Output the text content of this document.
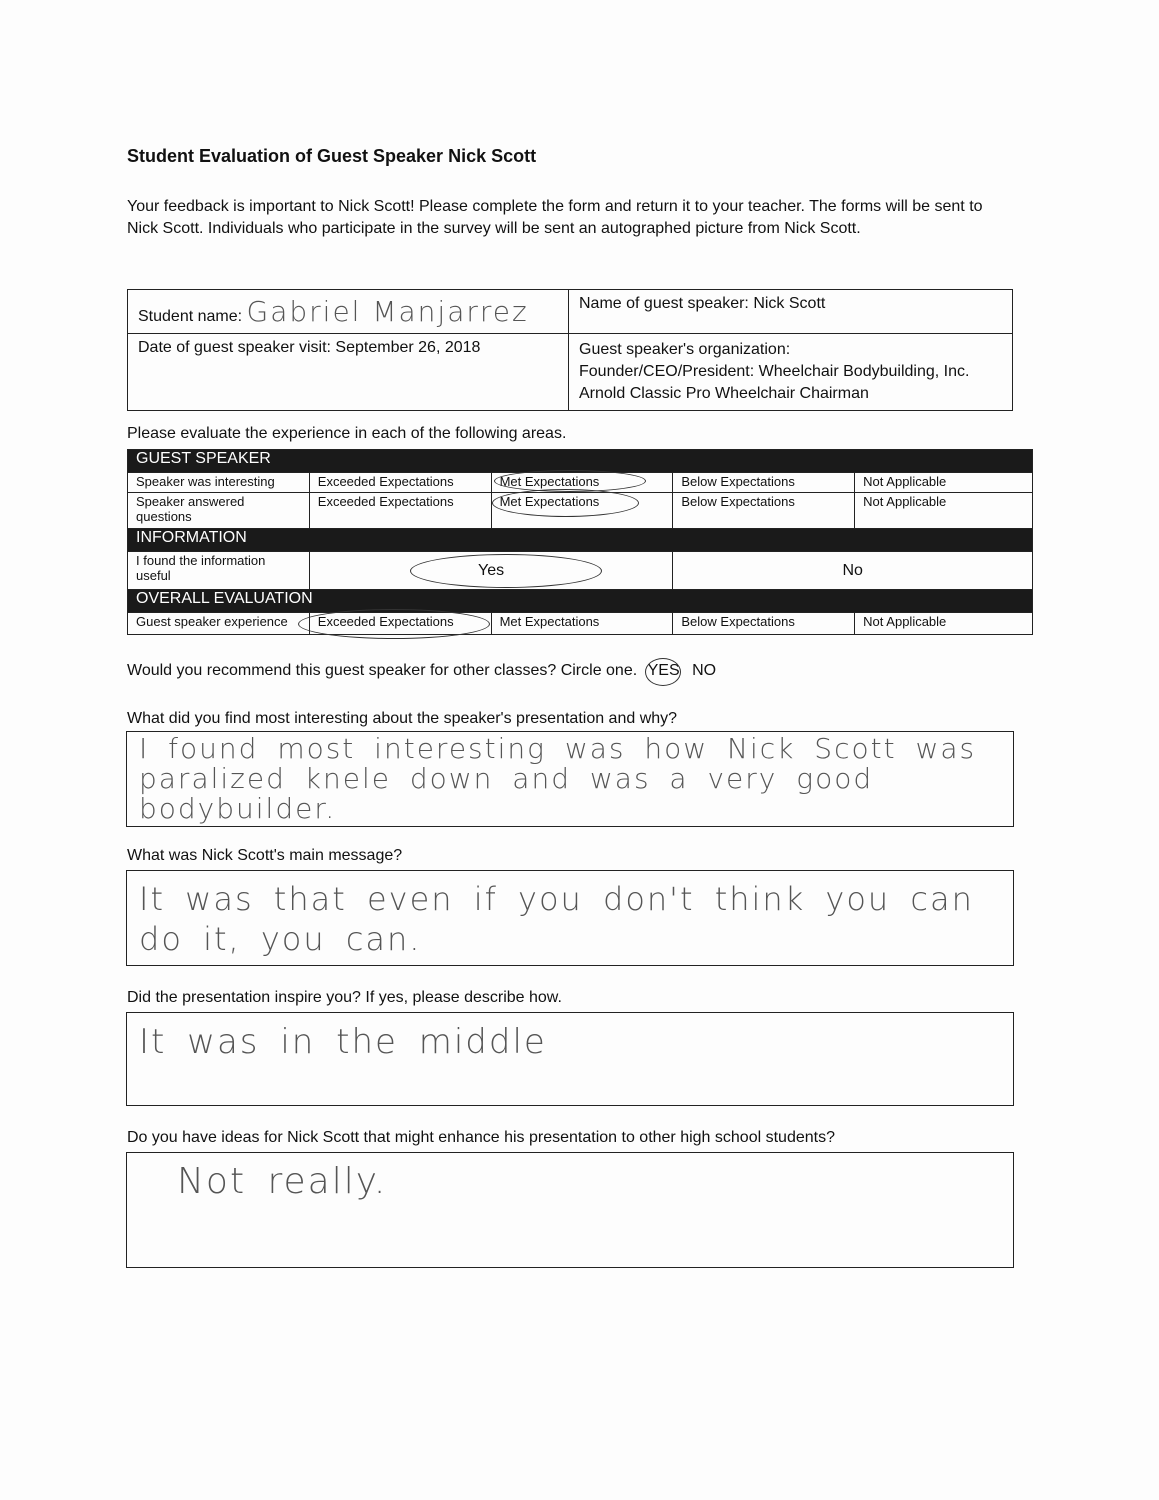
Student Evaluation of Guest Speaker Nick Scott
Your feedback is important to Nick Scott! Please complete the form and return it to your teacher. The forms will be sent to Nick Scott. Individuals who participate in the survey will be sent an autographed picture from Nick Scott.
Student name: Gabriel Manjarrez	Name of guest speaker: Nick Scott
Date of guest speaker visit: September 26, 2018	Guest speaker's organization:
Founder/CEO/President: Wheelchair Bodybuilding, Inc.
Arnold Classic Pro Wheelchair Chairman
Please evaluate the experience in each of the following areas.
GUEST SPEAKER				
Speaker was interesting	Exceeded Expectations	Met Expectations	Below Expectations	Not Applicable
Speaker answered questions	Exceeded Expectations	Met Expectations	Below Expectations	Not Applicable
INFORMATION				
I found the information useful	Yes		No	
OVERALL EVALUATION				
Guest speaker experience	Exceeded Expectations	Met Expectations	Below Expectations	Not Applicable
Would you recommend this guest speaker for other classes? Circle one. YES NO
What did you find most interesting about the speaker's presentation and why?
I found most interesting was how Nick Scott was paralized knele down and was a very good bodybuilder.
What was Nick Scott's main message?
It was that even if you don't think you can do it, you can.
Did the presentation inspire you? If yes, please describe how.
It was in the middle
Do you have ideas for Nick Scott that might enhance his presentation to other high school students?
Not really.
